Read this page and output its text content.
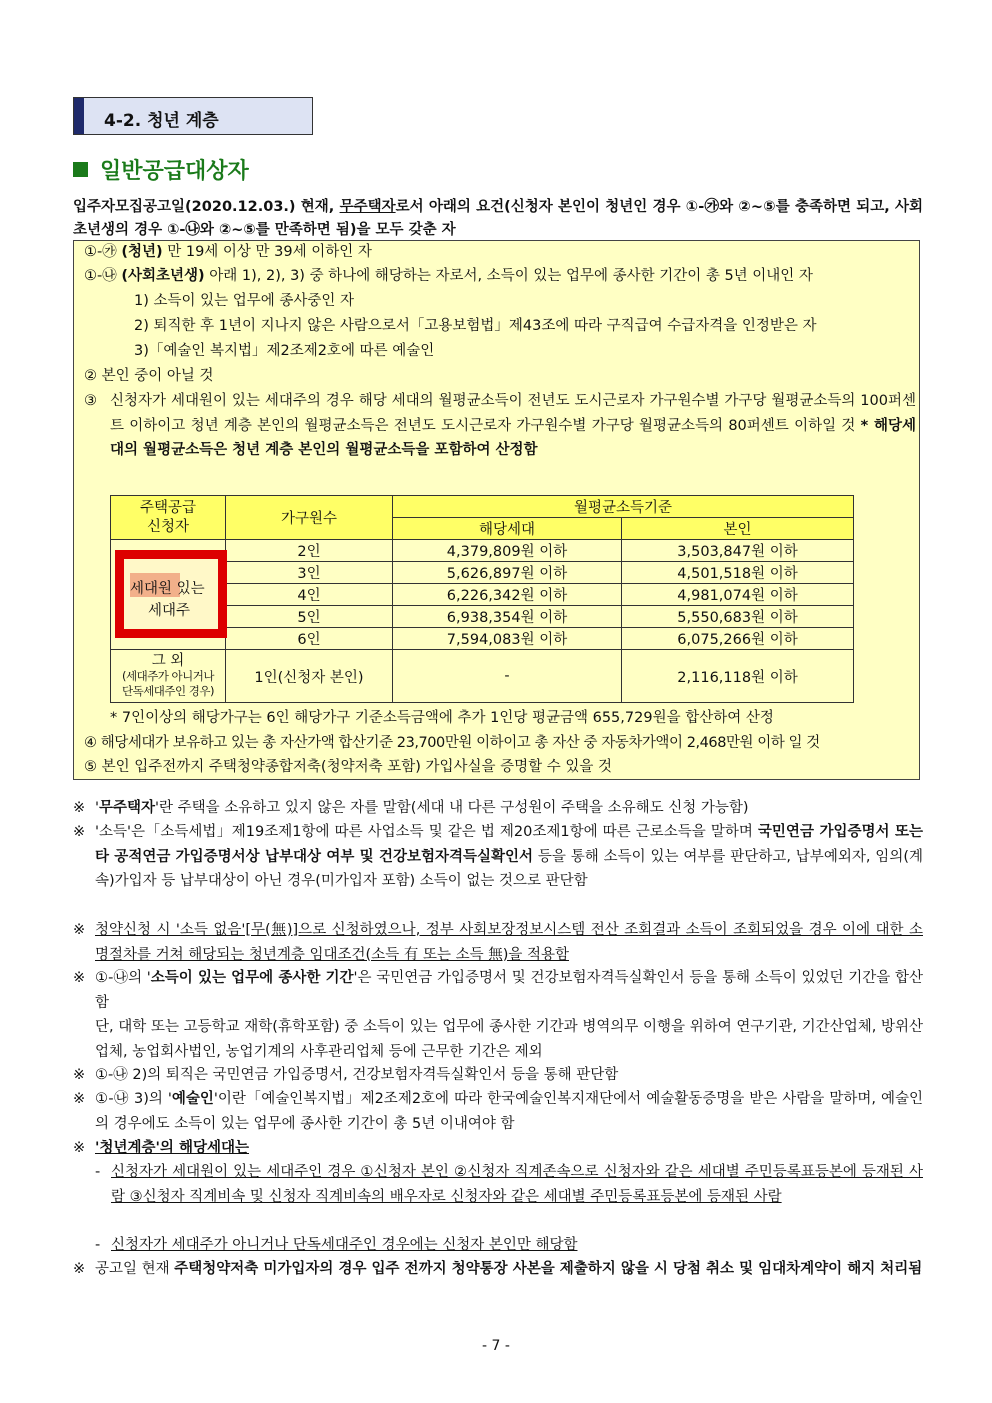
4-2. 청년 계층
일반공급대상자
입주자모집공고일(2020.12.03.) 현재, 무주택자로서 아래의 요건(신청자 본인이 청년인 경우 ①-㉮와 ②~⑤를 충족하면 되고, 사회초년생의 경우 ①-㉯와 ②~⑤를 만족하면 됨)을 모두 갖춘 자
①-㉮ (청년) 만 19세 이상 만 39세 이하인 자
①-㉯ (사회초년생) 아래 1), 2), 3) 중 하나에 해당하는 자로서, 소득이 있는 업무에 종사한 기간이 총 5년 이내인 자
1) 소득이 있는 업무에 종사중인 자
2) 퇴직한 후 1년이 지나지 않은 사람으로서「고용보험법」제43조에 따라 구직급여 수급자격을 인정받은 자
3)「예술인 복지법」제2조제2호에 따른 예술인
② 본인 중이 아닐 것
③ 신청자가 세대원이 있는 세대주의 경우 해당 세대의 월평균소득이 전년도 도시근로자 가구원수별 가구당 월평균소득의 100퍼센트 이하이고 청년 계층 본인의 월평균소득은 전년도 도시근로자 가구원수별 가구당 월평균소득의 80퍼센트 이하일 것 * 해당세대의 월평균소득은 청년 계층 본인의 월평균소득을 포함하여 산정함
주택공급
신청자	가구원수	월평균소득기준	
		해당세대	본인
	2인	4,379,809원 이하	3,503,847원 이하
	3인	5,626,897원 이하	4,501,518원 이하
	4인	6,226,342원 이하	4,981,074원 이하
	5인	6,938,354원 이하	5,550,683원 이하
	6인	7,594,083원 이하	6,075,266원 이하

그 외
(세대주가 아니거나
단독세대주인 경우)	1인(신청자 본인)	-	2,116,118원 이하
세대원 있는
세대주
* 7인이상의 해당가구는 6인 해당가구 기준소득금액에 추가 1인당 평균금액 655,729원을 합산하여 산정
④ 해당세대가 보유하고 있는 총 자산가액 합산기준 23,700만원 이하이고 총 자산 중 자동차가액이 2,468만원 이하 일 것
⑤ 본인 입주전까지 주택청약종합저축(청약저축 포함) 가입사실을 증명할 수 있을 것
※ '무주택자'란 주택을 소유하고 있지 않은 자를 말함(세대 내 다른 구성원이 주택을 소유해도 신청 가능함)
※ '소득'은「소득세법」제19조제1항에 따른 사업소득 및 같은 법 제20조제1항에 따른 근로소득을 말하며 국민연금 가입증명서 또는 타 공적연금 가입증명서상 납부대상 여부 및 건강보험자격득실확인서 등을 통해 소득이 있는 여부를 판단하고, 납부예외자, 임의(계속)가입자 등 납부대상이 아닌 경우(미가입자 포함) 소득이 없는 것으로 판단함
※ 청약신청 시 '소득 없음'[무(無)]으로 신청하였으나, 정부 사회보장정보시스템 전산 조회결과 소득이 조회되었을 경우 이에 대한 소명절차를 거쳐 해당되는 청년계층 임대조건(소득 有 또는 소득 無)을 적용함
※ ①-㉯의 '소득이 있는 업무에 종사한 기간'은 국민연금 가입증명서 및 건강보험자격득실확인서 등을 통해 소득이 있었던 기간을 합산함
단, 대학 또는 고등학교 재학(휴학포함) 중 소득이 있는 업무에 종사한 기간과 병역의무 이행을 위하여 연구기관, 기간산업체, 방위산업체, 농업회사법인, 농업기계의 사후관리업체 등에 근무한 기간은 제외
※ ①-㉯ 2)의 퇴직은 국민연금 가입증명서, 건강보험자격득실확인서 등을 통해 판단함
※ ①-㉯ 3)의 '예술인'이란「예술인복지법」제2조제2호에 따라 한국예술인복지재단에서 예술활동증명을 받은 사람을 말하며, 예술인의 경우에도 소득이 있는 업무에 종사한 기간이 총 5년 이내여야 함
※ '청년계층'의 해당세대는
- 신청자가 세대원이 있는 세대주인 경우 ①신청자 본인 ②신청자 직계존속으로 신청자와 같은 세대별 주민등록표등본에 등재된 사람 ③신청자 직계비속 및 신청자 직계비속의 배우자로 신청자와 같은 세대별 주민등록표등본에 등재된 사람
- 신청자가 세대주가 아니거나 단독세대주인 경우에는 신청자 본인만 해당함
※ 공고일 현재 주택청약저축 미가입자의 경우 입주 전까지 청약통장 사본을 제출하지 않을 시 당첨 취소 및 임대차계약이 해지 처리됨
- 7 -
